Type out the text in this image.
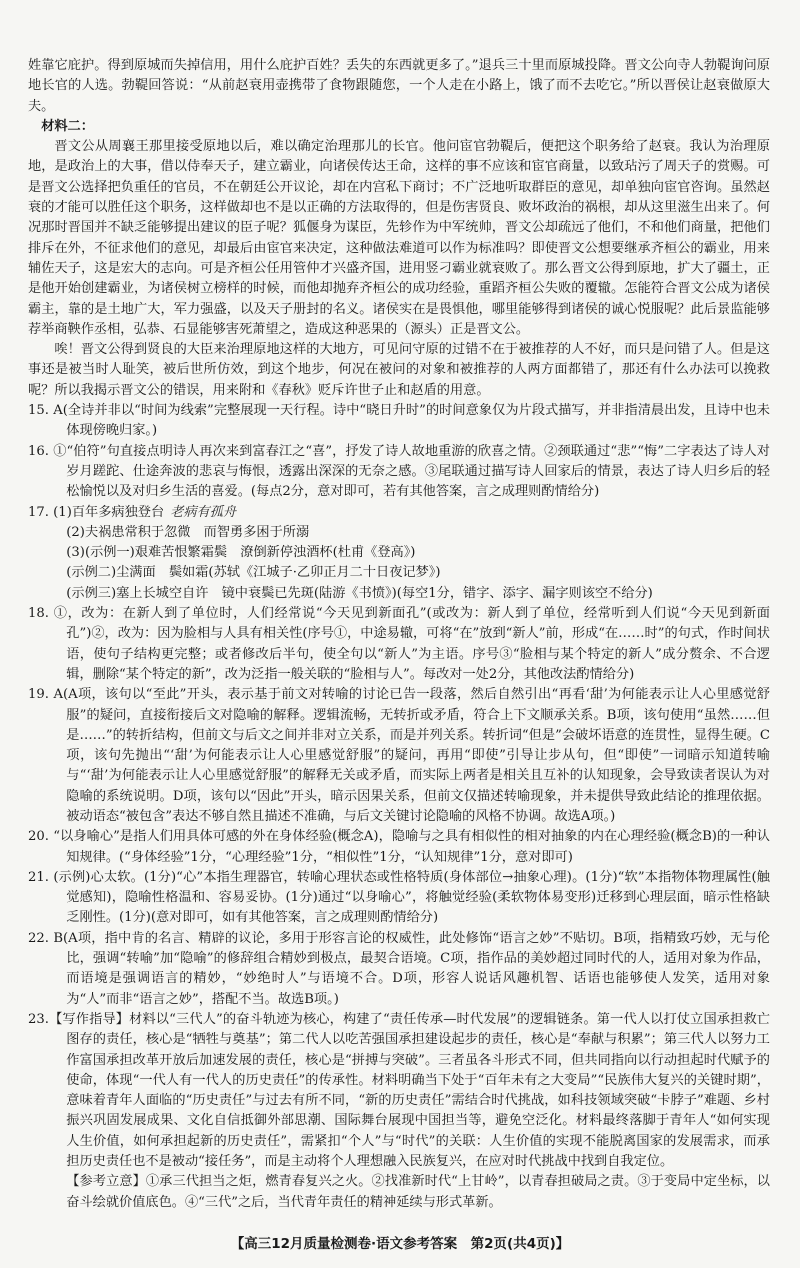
姓靠它庇护。得到原城而失掉信用，用什么庇护百姓？丢失的东西就更多了。”退兵三十里而原城投降。晋文公向寺人勃鞮询问原地长官的人选。勃鞮回答说：“从前赵衰用壶携带了食物跟随您，一个人走在小路上，饿了而不去吃它。”所以晋侯让赵衰做原大夫。

材料二：

晋文公从周襄王那里接受原地以后，难以确定治理那儿的长官。他问宦官勃鞮后，便把这个职务给了赵衰。我认为治理原地，是政治上的大事，借以侍奉天子，建立霸业，向诸侯传达王命，这样的事不应该和宦官商量，以致玷污了周天子的赏赐。可是晋文公选择把负重任的官员，不在朝廷公开议论，却在内宫私下商讨；不广泛地听取群臣的意见，却单独向宦官咨询。虽然赵衰的才能可以胜任这个职务，这样做却也不是以正确的方法取得的，但是伤害贤良、败坏政治的祸根，却从这里滋生出来了。何况那时晋国并不缺乏能够提出建议的臣子呢？狐偃身为谋臣，先轸作为中军统帅，晋文公却疏远了他们，不和他们商量，把他们排斥在外，不征求他们的意见，却最后由宦官来决定，这种做法难道可以作为标准吗？即使晋文公想要继承齐桓公的霸业，用来辅佐天子，这是宏大的志向。可是齐桓公任用管仲才兴盛齐国，进用竖刁霸业就衰败了。那么晋文公得到原地，扩大了疆土，正是他开始创建霸业，为诸侯树立榜样的时候，而他却抛弃齐桓公的成功经验，重蹈齐桓公失败的覆辙。怎能符合晋文公成为诸侯霸主，靠的是土地广大，军力强盛，以及天子册封的名义。诸侯实在是畏惧他，哪里能够得到诸侯的诚心悦服呢？此后景监能够荐举商鞅作丞相，弘恭、石显能够害死萧望之，造成这种恶果的（源头）正是晋文公。

唉！晋文公得到贤良的大臣来治理原地这样的大地方，可见问守原的过错不在于被推荐的人不好，而只是问错了人。但是这事还是被当时人耻笑，被后世所仿效，到这个地步，何况在被问的对象和被推荐的人两方面都错了，那还有什么办法可以挽救呢？所以我揭示晋文公的错误，用来附和《春秋》贬斥许世子止和赵盾的用意。

15. A(全诗并非以“时间为线索”完整展现一天行程。诗中“晓日升时”的时间意象仅为片段式描写，并非指清晨出发，且诗中也未体现傍晚归家。)

16. ①“伯符”句直接点明诗人再次来到富春江之“喜”，抒发了诗人故地重游的欣喜之情。②颈联通过“悲”“悔”二字表达了诗人对岁月蹉跎、仕途奔波的悲哀与悔恨，透露出深深的无奈之感。③尾联通过描写诗人回家后的情景，表达了诗人归乡后的轻松愉悦以及对归乡生活的喜爱。(每点2分，意对即可，若有其他答案，言之成理则酌情给分)

17. (1)百年多病独登台 老病有孤舟

(2)夫祸患常积于忽微　而智勇多困于所溺

(3)(示例一)艰难苦恨繁霜鬓　潦倒新停浊酒杯(杜甫《登高》)

(示例二)尘满面　鬓如霜(苏轼《江城子·乙卯正月二十日夜记梦》)

(示例三)塞上长城空自许　镜中衰鬓已先斑(陆游《书愤》)(每空1分，错字、添字、漏字则该空不给分)

18. ①，改为：在新人到了单位时，人们经常说“今天见到新面孔”(或改为：新人到了单位，经常听到人们说“今天见到新面孔”)②，改为：因为脸相与人具有相关性(序号①，中途易辙，可将“在”放到“新人”前，形成“在……时”的句式，作时间状语，使句子结构更完整；或者修改后半句，使全句以“新人”为主语。序号③“脸相与某个特定的新人”成分赘余、不合逻辑，删除“某个特定的新”，改为泛指一般关联的“脸相与人”。每改对一处2分，其他改法酌情给分)

19. A(A项，该句以“至此”开头，表示基于前文对转喻的讨论已告一段落，然后自然引出“再看‘甜’为何能表示让人心里感觉舒服”的疑问，直接衔接后文对隐喻的解释。逻辑流畅，无转折或矛盾，符合上下文顺承关系。B项，该句使用“虽然……但是……”的转折结构，但前文与后文之间并非对立关系，而是并列关系。转折词“但是”会破坏语意的连贯性，显得生硬。C项，该句先抛出“‘甜’为何能表示让人心里感觉舒服”的疑问，再用“即使”引导让步从句，但“即使”一词暗示知道转喻与“‘甜’为何能表示让人心里感觉舒服”的解释无关或矛盾，而实际上两者是相关且互补的认知现象，会导致读者误认为对隐喻的系统说明。D项，该句以“因此”开头，暗示因果关系，但前文仅描述转喻现象，并未提供导致此结论的推理依据。被动语态“被包含”表达不够自然且描述不准确，与后文关键讨论隐喻的风格不协调。故选A项。)

20. “以身喻心”是指人们用具体可感的外在身体经验(概念A)，隐喻与之具有相似性的相对抽象的内在心理经验(概念B)的一种认知规律。(“身体经验”1分，“心理经验”1分，“相似性”1分，“认知规律”1分，意对即可)

21. (示例)心太软。(1分)“心”本指生理器官，转喻心理状态或性格特质(身体部位→抽象心理)。(1分)“软”本指物体物理属性(触觉感知)，隐喻性格温和、容易妥协。(1分)通过“以身喻心”，将触觉经验(柔软物体易变形)迁移到心理层面，暗示性格缺乏刚性。(1分)(意对即可，如有其他答案，言之成理则酌情给分)

22. B(A项，指中肯的名言、精辟的议论，多用于形容言论的权威性，此处修饰“语言之妙”不贴切。B项，指精致巧妙，无与伦比，强调“转喻”加“隐喻”的修辞组合精妙到极点，最契合语境。C项，指作品的美妙超过同时代的人，适用对象为作品，而语境是强调语言的精妙，“妙绝时人”与语境不合。D项，形容人说话风趣机智、话语也能够使人发笑，适用对象为“人”而非“语言之妙”，搭配不当。故选B项。)

23.【写作指导】材料以“三代人”的奋斗轨迹为核心，构建了“责任传承—时代发展”的逻辑链条。第一代人以打仗立国承担救亡图存的责任，核心是“牺牲与奠基”；第二代人以吃苦强国承担建设起步的责任，核心是“奉献与积累”；第三代人以努力工作富国承担改革开放后加速发展的责任，核心是“拼搏与突破”。三者虽各斗形式不同，但共同指向以行动担起时代赋予的使命，体现“一代人有一代人的历史责任”的传承性。材料明确当下处于“百年未有之大变局”“民族伟大复兴的关键时期”，意味着青年人面临的“历史责任”与过去有所不同，“新的历史责任”需结合时代挑战，如科技领域突破“卡脖子”难题、乡村振兴巩固发展成果、文化自信抵御外部思潮、国际舞台展现中国担当等，避免空泛化。材料最终落脚于青年人“如何实现人生价值，如何承担起新的历史责任”，需紧扣“个人”与“时代”的关联：人生价值的实现不能脱离国家的发展需求，而承担历史责任也不是被动“接任务”，而是主动将个人理想融入民族复兴，在应对时代挑战中找到自我定位。

【参考立意】①承三代担当之炬，燃青春复兴之火。②找准新时代“上甘岭”，以青春担破局之责。③于变局中定坐标，以奋斗绘就价值底色。④“三代”之后，当代青年责任的精神延续与形式革新。

【高三12月质量检测卷·语文参考答案　第2页(共4页)】
